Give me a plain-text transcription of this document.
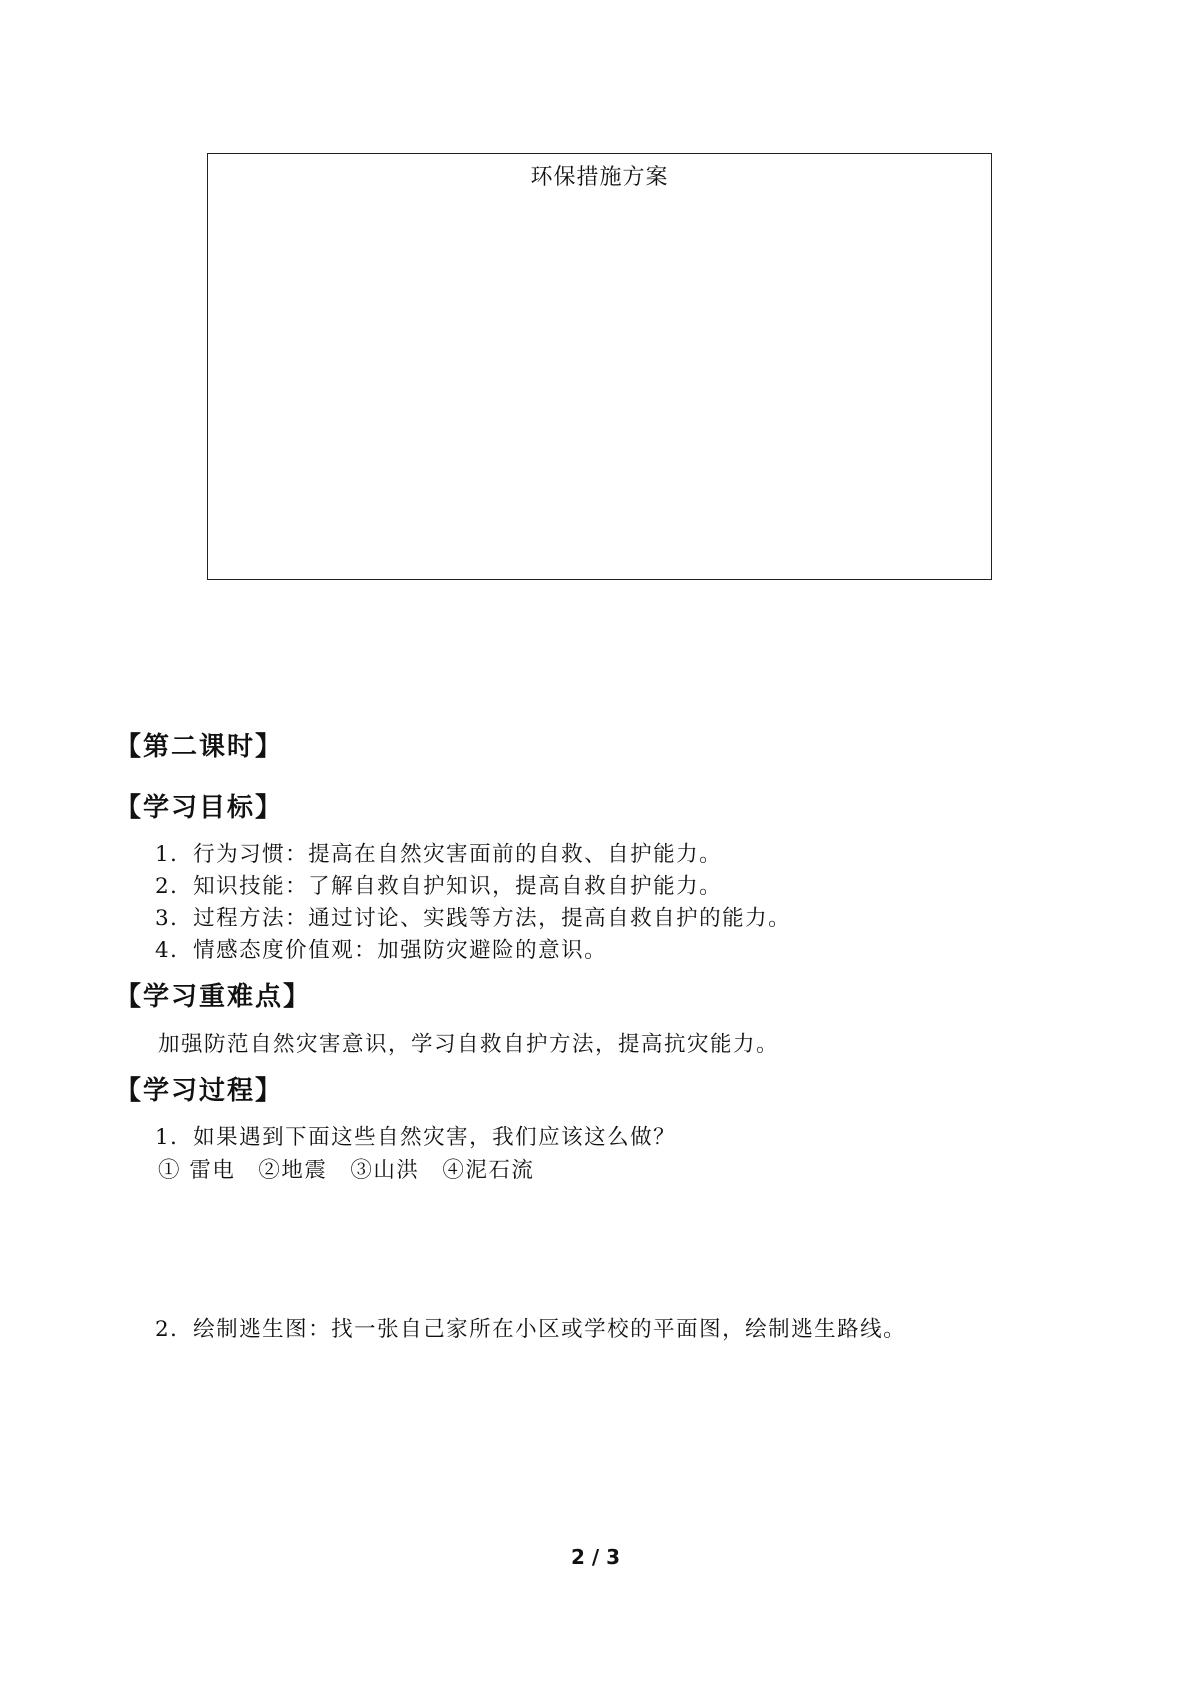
环保措施方案
【第二课时】
【学习目标】
1．行为习惯：提高在自然灾害面前的自救、自护能力。
2．知识技能：了解自救自护知识，提高自救自护能力。
3．过程方法：通过讨论、实践等方法，提高自救自护的能力。
4．情感态度价值观：加强防灾避险的意识。
【学习重难点】
加强防范自然灾害意识，学习自救自护方法，提高抗灾能力。
【学习过程】
1．如果遇到下面这些自然灾害，我们应该这么做？
① 雷电　②地震　③山洪　④泥石流
2．绘制逃生图：找一张自己家所在小区或学校的平面图，绘制逃生路线。
2 / 3
